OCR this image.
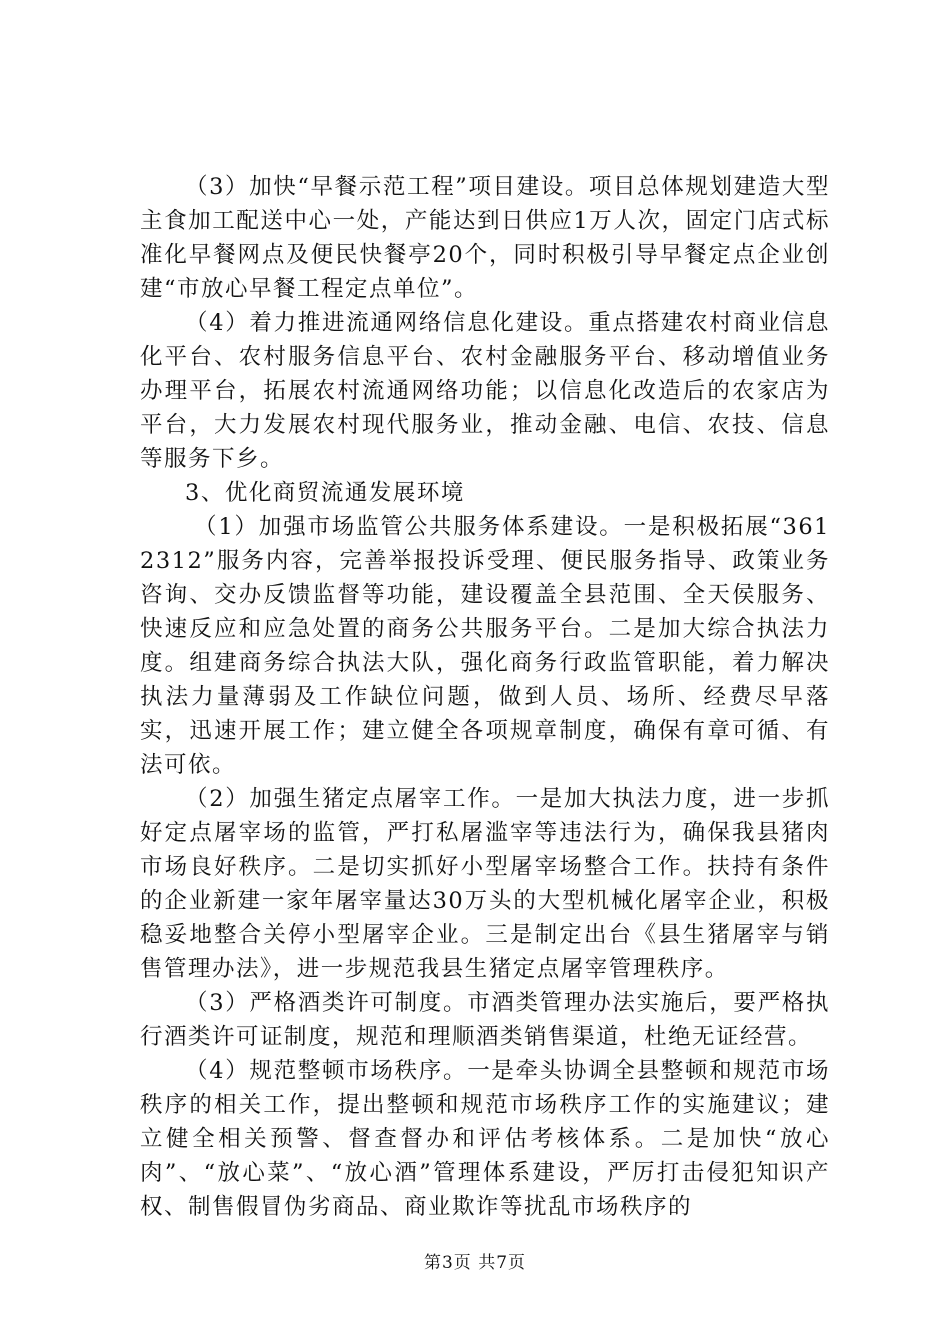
（3）加快“早餐示范工程”项目建设。项目总体规划建造大型主食加工配送中心一处，产能达到日供应1万人次，固定门店式标准化早餐网点及便民快餐亭20个，同时积极引导早餐定点企业创建“市放心早餐工程定点单位”。

（4）着力推进流通网络信息化建设。重点搭建农村商业信息化平台、农村服务信息平台、农村金融服务平台、移动增值业务办理平台，拓展农村流通网络功能；以信息化改造后的农家店为平台，大力发展农村现代服务业，推动金融、电信、农技、信息等服务下乡。

3、优化商贸流通发展环境

（1）加强市场监管公共服务体系建设。一是积极拓展“3612312”服务内容，完善举报投诉受理、便民服务指导、政策业务咨询、交办反馈监督等功能，建设覆盖全县范围、全天侯服务、快速反应和应急处置的商务公共服务平台。二是加大综合执法力度。组建商务综合执法大队，强化商务行政监管职能，着力解决执法力量薄弱及工作缺位问题，做到人员、场所、经费尽早落实，迅速开展工作；建立健全各项规章制度，确保有章可循、有法可依。

（2）加强生猪定点屠宰工作。一是加大执法力度，进一步抓好定点屠宰场的监管，严打私屠滥宰等违法行为，确保我县猪肉市场良好秩序。二是切实抓好小型屠宰场整合工作。扶持有条件的企业新建一家年屠宰量达30万头的大型机械化屠宰企业，积极稳妥地整合关停小型屠宰企业。三是制定出台《县生猪屠宰与销售管理办法》，进一步规范我县生猪定点屠宰管理秩序。

（3）严格酒类许可制度。市酒类管理办法实施后，要严格执行酒类许可证制度，规范和理顺酒类销售渠道，杜绝无证经营。

（4）规范整顿市场秩序。一是牵头协调全县整顿和规范市场秩序的相关工作，提出整顿和规范市场秩序工作的实施建议；建立健全相关预警、督查督办和评估考核体系。二是加快“放心肉”、“放心菜”、“放心酒”管理体系建设，严厉打击侵犯知识产权、制售假冒伪劣商品、商业欺诈等扰乱市场秩序的

第3页 共7页
